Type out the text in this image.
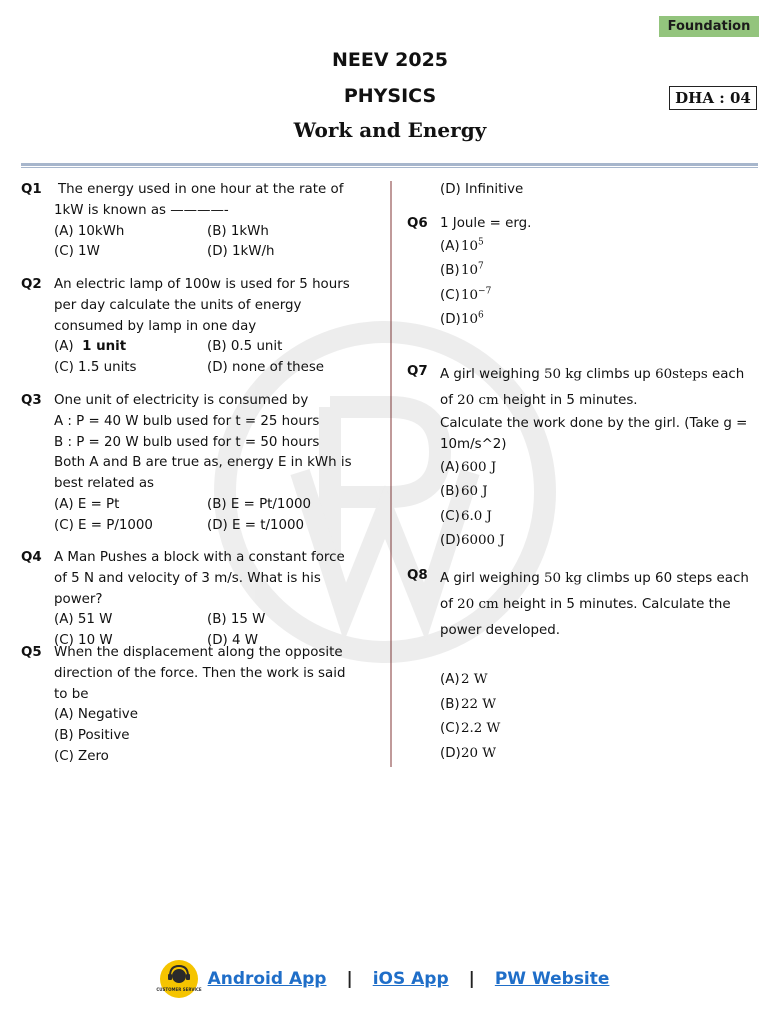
Foundation
NEEV 2025
PHYSICS
Work and Energy
DHA : 04
Q1 The energy used in one hour at the rate of 1kW is known as ————-
(A) 10kWh	(B) 1kWh
(C) 1W	(D) 1kW/h
Q2 An electric lamp of 100w is used for 5 hours per day calculate the units of energy consumed by lamp in one day
(A) 1 unit	(B) 0.5 unit
(C) 1.5 units	(D) none of these
Q3 One unit of electricity is consumed by
A : P = 40 W bulb used for t = 25 hours
B : P = 20 W bulb used for t = 50 hours
Both A and B are true as, energy E in kWh is best related as
(A) E = Pt	(B) E = Pt/1000
(C) E = P/1000	(D) E = t/1000
Q4 A Man Pushes a block with a constant force of 5 N and velocity of 3 m/s. What is his power?
(A) 51 W	(B) 15 W
(C) 10 W	(D) 4 W
Q5 When the displacement along the opposite direction of the force. Then the work is said to be
(A) Negative
(B) Positive
(C) Zero
(D) Infinitive
Q6 1 Joule = erg.
$(A)10^5$
$(B)10^7$
$(C)10^{-7}$
$(D)10^6$
Q7 A girl weighing 50 kg climbs up 60steps each of 20 cm height in 5 minutes.
Calculate the work done by the girl. (Take g = 10m/s^2)
(A)600 J
(B)60 J
(C)6.0 J
(D)6000 J
Q8 A girl weighing 50 kg climbs up 60 steps each of 20 cm height in 5 minutes. Calculate the power developed.
(A)2 W
(B)22 W
(C)2.2 W
(D)20 W
CUSTOMER SERVICE
Android App | iOS App | PW Website
